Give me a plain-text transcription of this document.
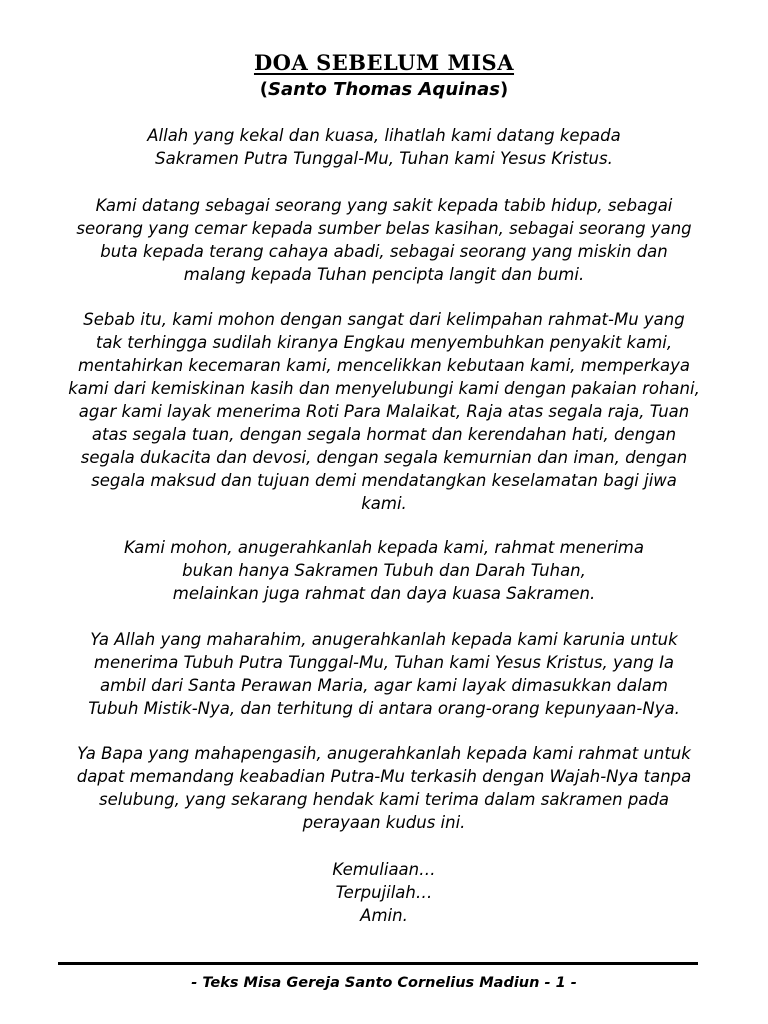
DOA SEBELUM MISA
(Santo Thomas Aquinas)

Allah yang kekal dan kuasa, lihatlah kami datang kepada
Sakramen Putra Tunggal-Mu, Tuhan kami Yesus Kristus.

Kami datang sebagai seorang yang sakit kepada tabib hidup, sebagai
seorang yang cemar kepada sumber belas kasihan, sebagai seorang yang
buta kepada terang cahaya abadi, sebagai seorang yang miskin dan
malang kepada Tuhan pencipta langit dan bumi.

Sebab itu, kami mohon dengan sangat dari kelimpahan rahmat-Mu yang
tak terhingga sudilah kiranya Engkau menyembuhkan penyakit kami,
mentahirkan kecemaran kami, mencelikkan kebutaan kami, memperkaya
kami dari kemiskinan kasih dan menyelubungi kami dengan pakaian rohani,
agar kami layak menerima Roti Para Malaikat, Raja atas segala raja, Tuan
atas segala tuan, dengan segala hormat dan kerendahan hati, dengan
segala dukacita dan devosi, dengan segala kemurnian dan iman, dengan
segala maksud dan tujuan demi mendatangkan keselamatan bagi jiwa
kami.

Kami mohon, anugerahkanlah kepada kami, rahmat menerima
bukan hanya Sakramen Tubuh dan Darah Tuhan,
melainkan juga rahmat dan daya kuasa Sakramen.

Ya Allah yang maharahim, anugerahkanlah kepada kami karunia untuk
menerima Tubuh Putra Tunggal-Mu, Tuhan kami Yesus Kristus, yang Ia
ambil dari Santa Perawan Maria, agar kami layak dimasukkan dalam
Tubuh Mistik-Nya, dan terhitung di antara orang-orang kepunyaan-Nya.

Ya Bapa yang mahapengasih, anugerahkanlah kepada kami rahmat untuk
dapat memandang keabadian Putra-Mu terkasih dengan Wajah-Nya tanpa
selubung, yang sekarang hendak kami terima dalam sakramen pada
perayaan kudus ini.

Kemuliaan…
Terpujilah…
Amin.

- Teks Misa Gereja Santo Cornelius Madiun - 1 -
